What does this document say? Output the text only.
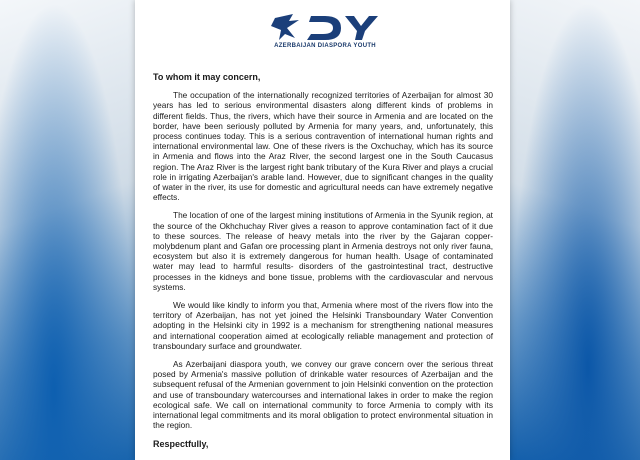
AZERBAIJAN DIASPORA YOUTH

To whom it may concern,

The occupation of the internationally recognized territories of Azerbaijan for almost 30 years has led to serious environmental disasters along different kinds of problems in different fields. Thus, the rivers, which have their source in Armenia and are located on the border, have been seriously polluted by Armenia for many years, and, unfortunately, this process continues today. This is a serious contravention of international human rights and international environmental law. One of these rivers is the Oxchuchay, which has its source in Armenia and flows into the Araz River, the second largest one in the South Caucasus region. The Araz River is the largest right bank tributary of the Kura River and plays a crucial role in irrigating Azerbaijan's arable land. However, due to significant changes in the quality of water in the river, its use for domestic and agricultural needs can have extremely negative effects.

The location of one of the largest mining institutions of Armenia in the Syunik region, at the source of the Okhchuchay River gives a reason to approve contamination fact of it due to these sources. The release of heavy metals into the river by the Gajaran copper-molybdenum plant and Gafan ore processing plant in Armenia destroys not only river fauna, ecosystem but also it is extremely dangerous for human health. Usage of contaminated water may lead to harmful results- disorders of the gastrointestinal tract, destructive processes in the kidneys and bone tissue, problems with the cardiovascular and nervous systems.

We would like kindly to inform you that, Armenia where most of the rivers flow into the territory of Azerbaijan, has not yet joined the Helsinki Transboundary Water Convention adopting in the Helsinki city in 1992 is a mechanism for strengthening national measures and international cooperation aimed at ecologically reliable management and protection of transboundary surface and groundwater.

As Azerbaijani diaspora youth, we convey our grave concern over the serious threat posed by Armenia's massive pollution of drinkable water resources of Azerbaijan and the subsequent refusal of the Armenian government to join Helsinki convention on the protection and use of transboundary watercourses and international lakes in order to make the region ecological safe. We call on international community to force Armenia to comply with its international legal commitments and its moral obligation to protect environmental situation in the region.

Respectfully,
